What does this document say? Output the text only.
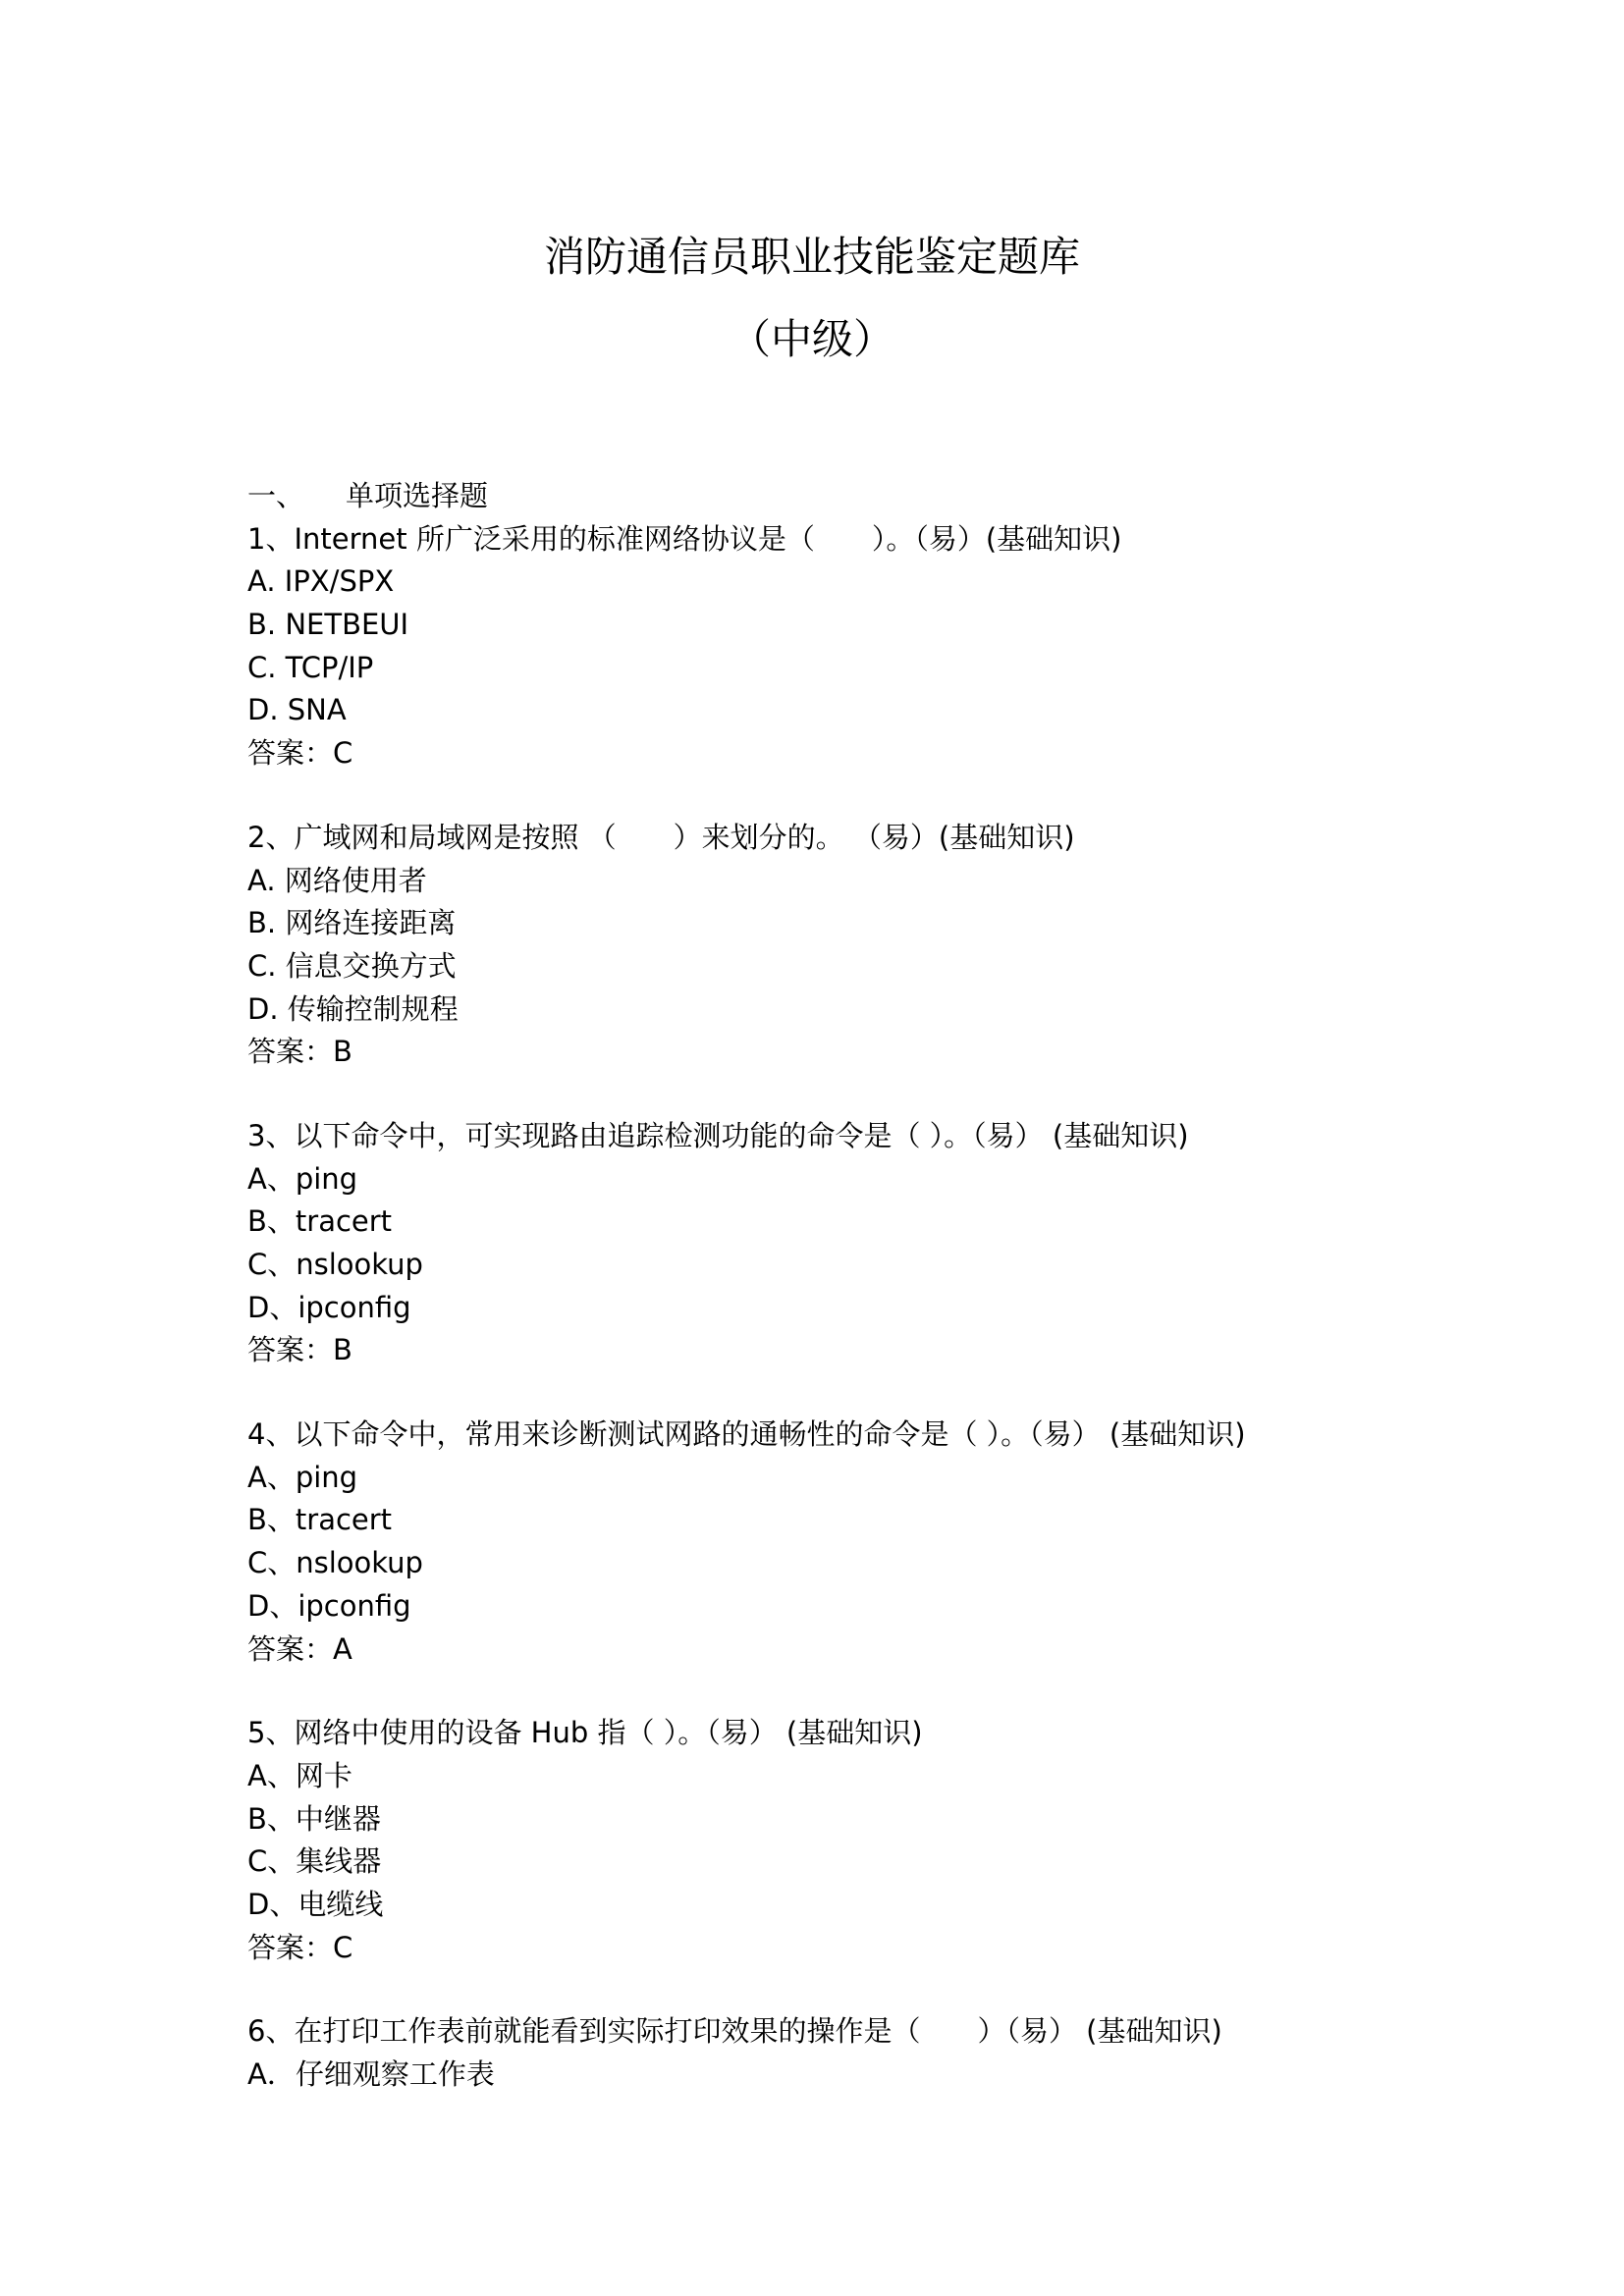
消防通信员职业技能鉴定题库
（中级）
一、	单项选择题
1、Internet 所广泛采用的标准网络协议是（　　）。（易）(基础知识)
A. IPX/SPX
B. NETBEUI
C. TCP/IP
D. SNA
答案：C
2、广域网和局域网是按照 （　　）来划分的。 （易）(基础知识)
A. 网络使用者
B. 网络连接距离
C. 信息交换方式
D. 传输控制规程
答案：B
3、以下命令中，可实现路由追踪检测功能的命令是（ ）。（易） (基础知识)
A、ping
B、tracert
C、nslookup
D、ipconfig
答案：B
4、以下命令中，常用来诊断测试网路的通畅性的命令是（ ）。（易） (基础知识)
A、ping
B、tracert
C、nslookup
D、ipconfig
答案：A
5、网络中使用的设备 Hub 指（ ）。（易） (基础知识)
A、网卡
B、中继器
C、集线器
D、电缆线
答案：C
6、在打印工作表前就能看到实际打印效果的操作是（　　）（易） (基础知识)
A．仔细观察工作表
